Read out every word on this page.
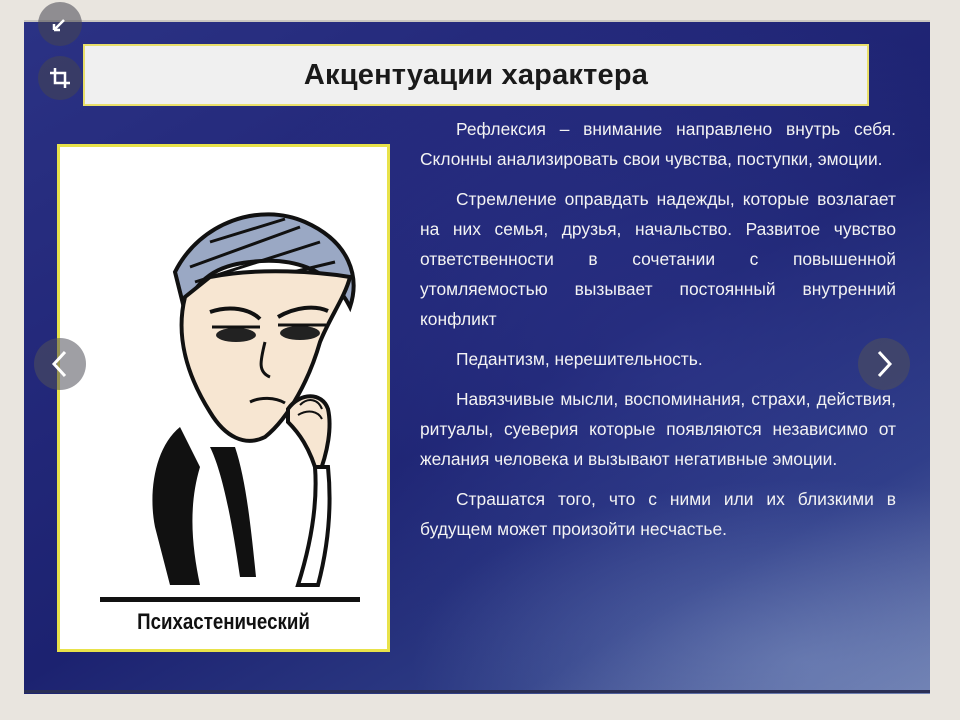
Акцентуации характера
Психастенический

Рефлексия – внимание направлено внутрь себя. Склонны анализировать свои чувства, поступки, эмоции.

Стремление оправдать надежды, которые возлагает на них семья, друзья, начальство. Развитое чувство ответственности в сочетании с повышенной утомляемостью вызывает постоянный внутренний конфликт

Педантизм, нерешительность.

Навязчивые мысли, воспоминания, страхи, действия, ритуалы, суеверия которые появляются независимо от желания человека и вызывают негативные эмоции.

Страшатся того, что с ними или их близкими в будущем может произойти несчастье.
